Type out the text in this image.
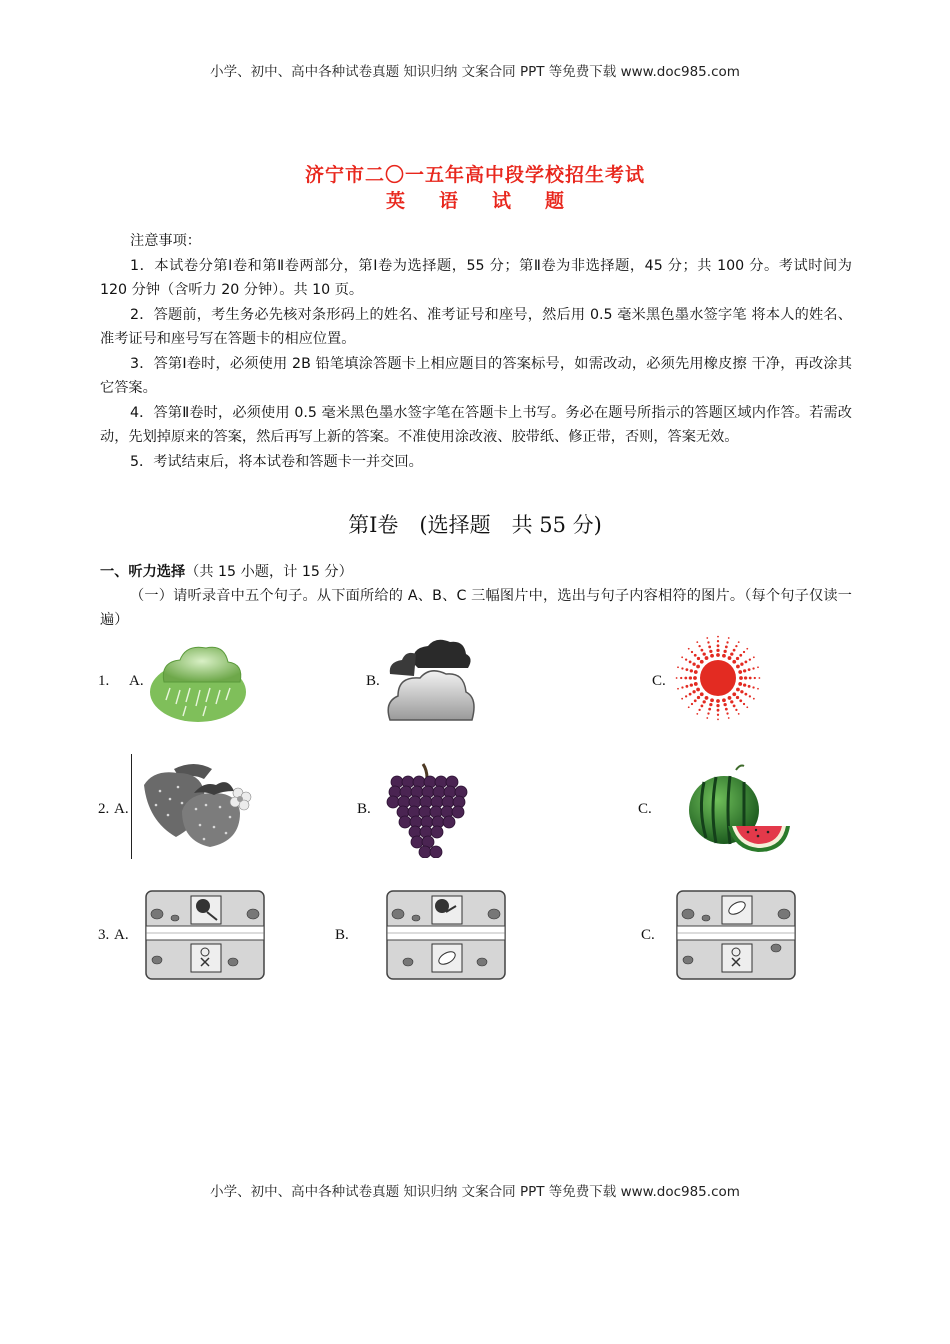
小学、初中、高中各种试卷真题 知识归纳 文案合同 PPT 等免费下载 www.doc985.com
济宁市二〇一五年高中段学校招生考试
英 语 试 题

注意事项：

1．本试卷分第Ⅰ卷和第Ⅱ卷两部分，第Ⅰ卷为选择题，55 分；第Ⅱ卷为非选择题，45 分；共 100 分。考试时间为 120 分钟（含听力 20 分钟）。共 10 页。

2．答题前，考生务必先核对条形码上的姓名、准考证号和座号，然后用 0.5 毫米黑色墨水签字笔 将本人的姓名、准考证号和座号写在答题卡的相应位置。

3．答第Ⅰ卷时，必须使用 2B 铅笔填涂答题卡上相应题目的答案标号，如需改动，必须先用橡皮擦 干净，再改涂其它答案。

4．答第Ⅱ卷时，必须使用 0.5 毫米黑色墨水签字笔在答题卡上书写。务必在题号所指示的答题区域内作答。若需改动，先划掉原来的答案，然后再写上新的答案。不准使用涂改液、胶带纸、修正带，否则，答案无效。

5．考试结束后，将本试卷和答题卡一并交回。

第Ⅰ卷　(选择题　共 55 分)
一、听力选择（共 15 小题，计 15 分）
（一）请听录音中五个句子。从下面所给的 A、B、C 三幅图片中，选出与句子内容相符的图片。（每个句子仅读一遍）
1. A.	B.	C.
2. A.	B.	C.
3. A.	B.	C.
小学、初中、高中各种试卷真题 知识归纳 文案合同 PPT 等免费下载 www.doc985.com
